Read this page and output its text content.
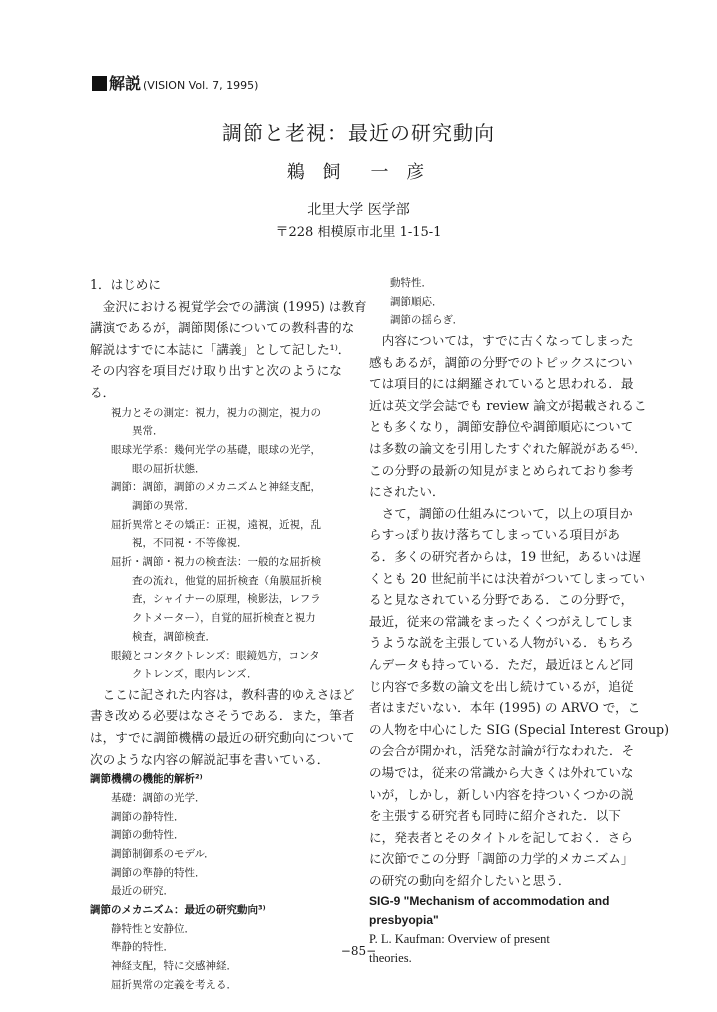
解説 (VISION Vol. 7, 1995)
調節と老視：最近の研究動向
鵜 飼　一 彦
北里大学 医学部
〒228 相模原市北里 1-15-1
1．はじめに
　金沢における視覚学会での講演 (1995) は教育
講演であるが，調節関係についての教科書的な
解説はすでに本誌に「講義」として記した¹⁾．
その内容を項目だけ取り出すと次のようにな
る．
　　視力とその測定：視力，視力の測定，視力の
　　　　異常．
　　眼球光学系：幾何光学の基礎，眼球の光学，
　　　　眼の屈折状態．
　　調節：調節，調節のメカニズムと神経支配，
　　　　調節の異常．
　　屈折異常とその矯正：正視，遠視，近視，乱
　　　　視，不同視・不等像視．
　　屈折・調節・視力の検査法：一般的な屈折検
　　　　査の流れ，他覚的屈折検査（角膜屈折検
　　　　査，シャイナーの原理，検影法，レフラ
　　　　クトメーター），自覚的屈折検査と視力
　　　　検査，調節検査．
　　眼鏡とコンタクトレンズ：眼鏡処方，コンタ
　　　　クトレンズ，眼内レンズ．
　ここに記された内容は，教科書的ゆえさほど
書き改める必要はなさそうである．また，筆者
は，すでに調節機構の最近の研究動向について
次のような内容の解説記事を書いている．
調節機構の機能的解析²⁾
　　基礎：調節の光学．
　　調節の静特性．
　　調節の動特性．
　　調節制御系のモデル．
　　調節の準静的特性．
　　最近の研究．
調節のメカニズム：最近の研究動向³⁾
　　静特性と安静位．
　　準静的特性．
　　神経支配，特に交感神経．
　　屈折異常の定義を考える．
　　動特性．
　　調節順応．
　　調節の揺らぎ．
　内容については，すでに古くなってしまった
感もあるが，調節の分野でのトピックスについ
ては項目的には網羅されていると思われる．最
近は英文学会誌でも review 論文が掲載されるこ
とも多くなり，調節安静位や調節順応について
は多数の論文を引用したすぐれた解説がある⁴⁵⁾．
この分野の最新の知見がまとめられており参考
にされたい．
　さて，調節の仕組みについて，以上の項目か
らすっぽり抜け落ちてしまっている項目があ
る．多くの研究者からは，19 世紀，あるいは遅
くとも 20 世紀前半には決着がついてしまってい
ると見なされている分野である．この分野で，
最近，従来の常識をまったくくつがえしてしま
うような説を主張している人物がいる．もちろ
んデータも持っている．ただ，最近ほとんど同
じ内容で多数の論文を出し続けているが，追従
者はまだいない．本年 (1995) の ARVO で，こ
の人物を中心にした SIG (Special Interest Group)
の会合が開かれ，活発な討論が行なわれた．そ
の場では，従来の常識から大きくは外れていな
いが，しかし，新しい内容を持ついくつかの説
を主張する研究者も同時に紹介された．以下
に，発表者とそのタイトルを記しておく．さら
に次節でこの分野「調節の力学的メカニズム」
の研究の動向を紹介したいと思う．
SIG-9 "Mechanism of accommodation and
presbyopia"
P. L. Kaufman: Overview of present
theories.
−85−
